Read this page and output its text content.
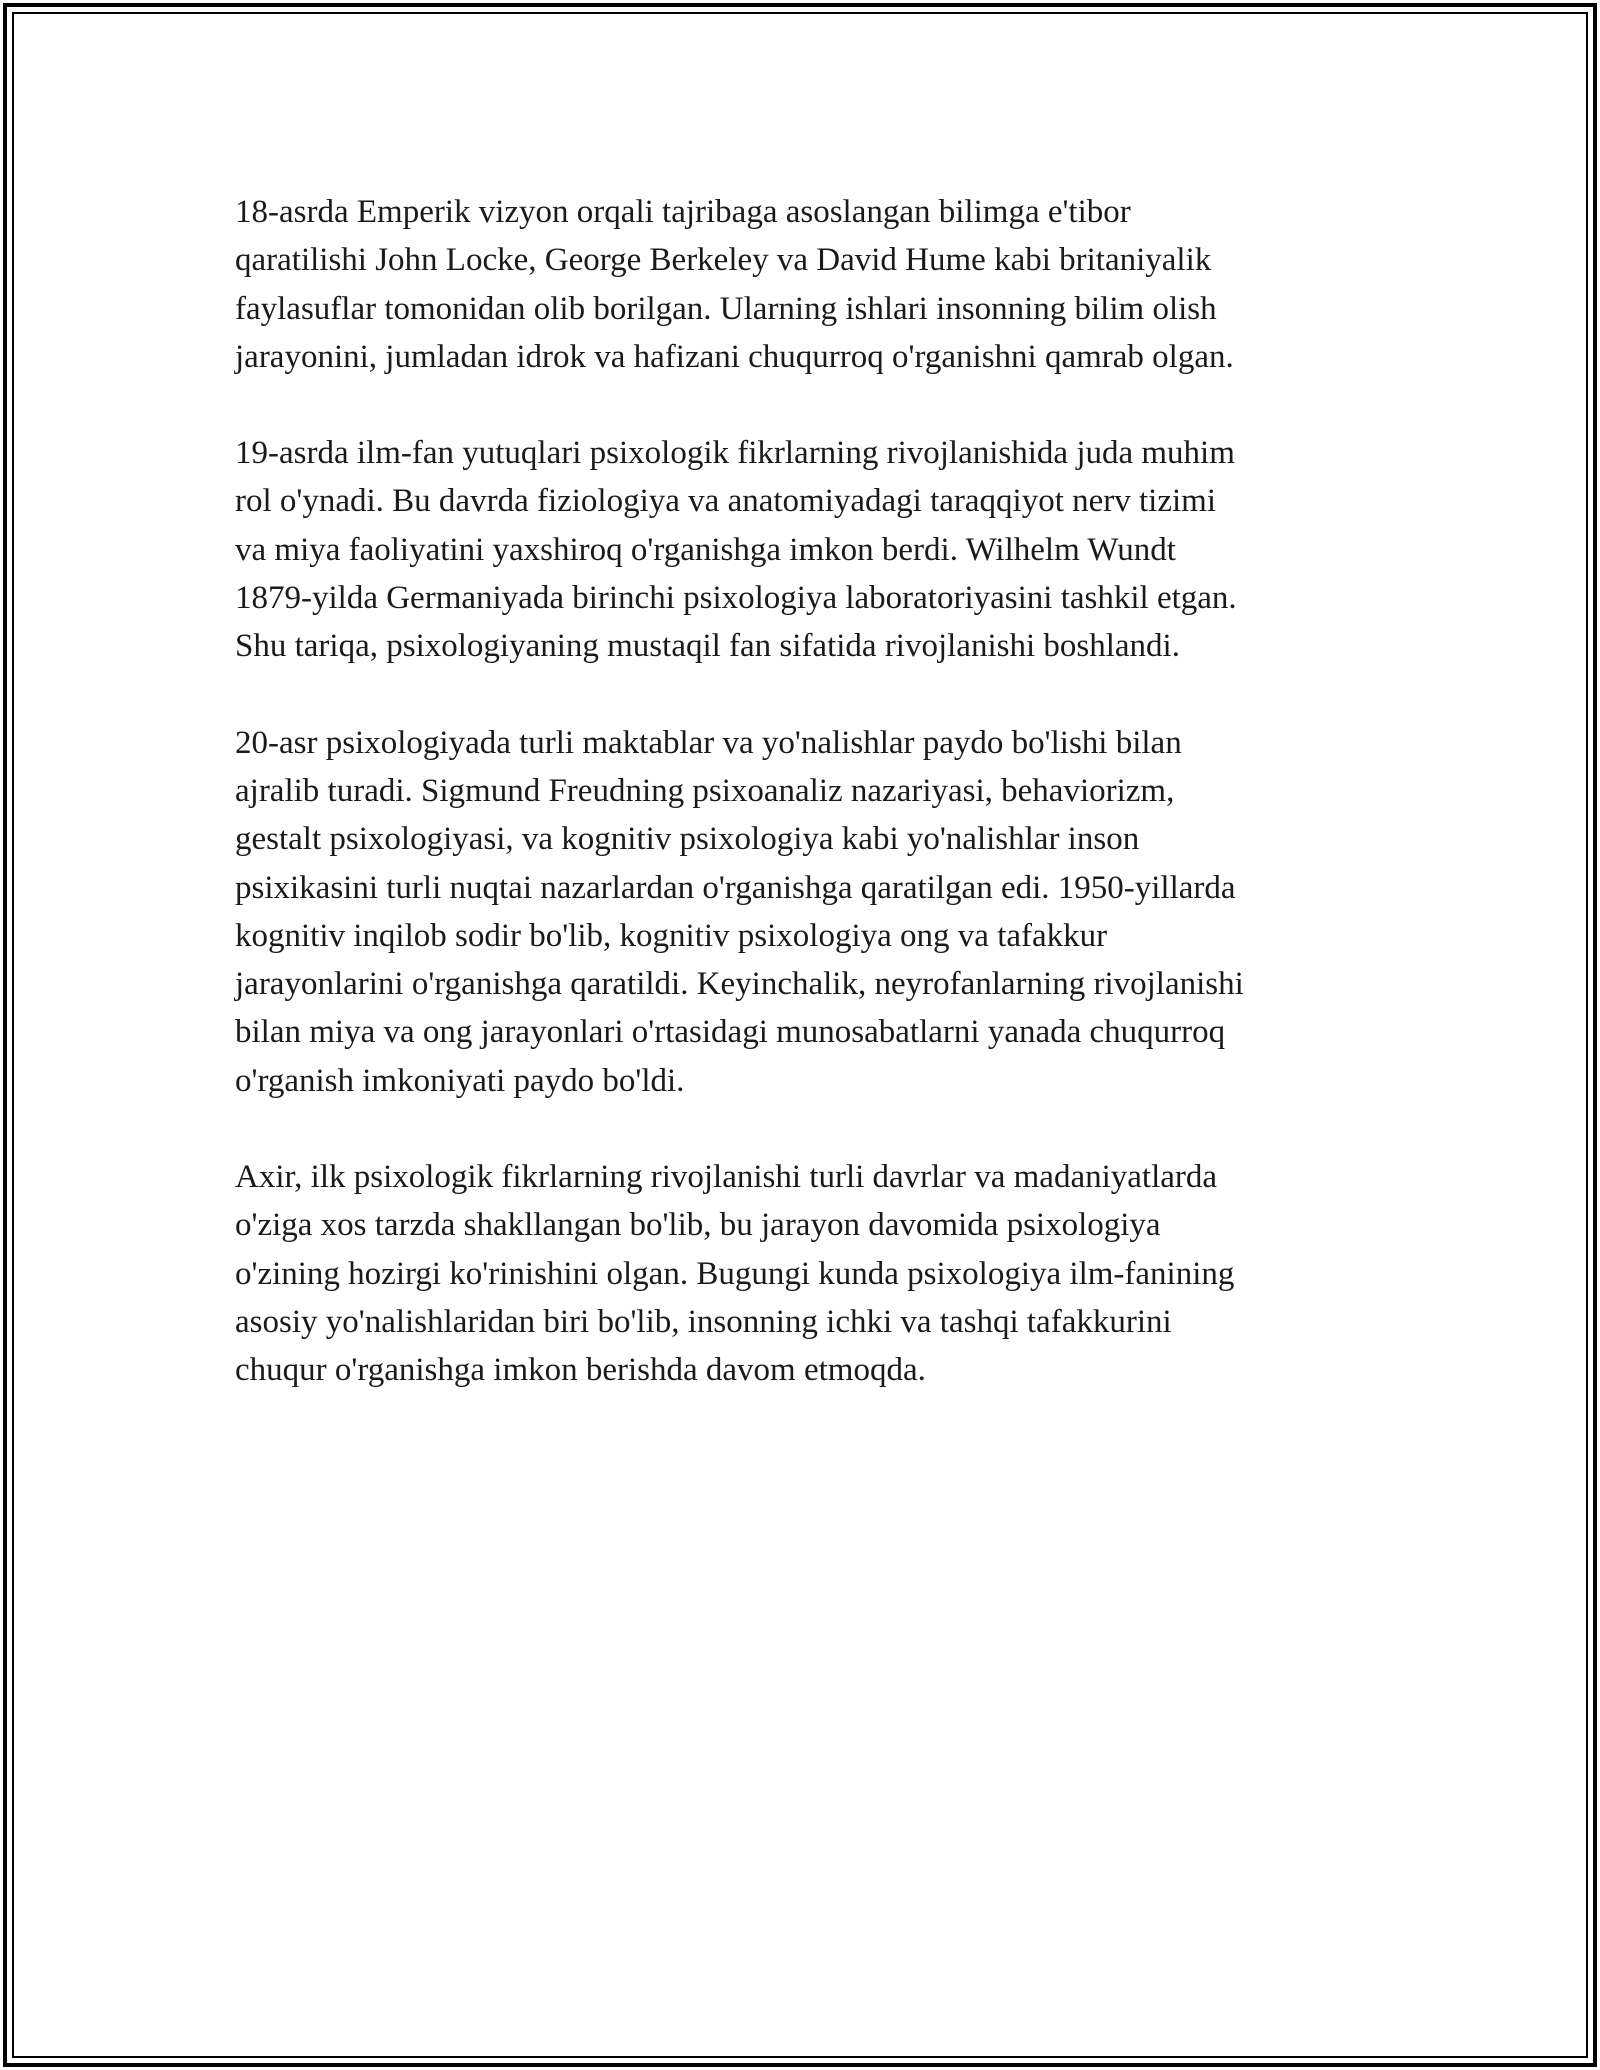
18-asrda Emperik vizyon orqali tajribaga asoslangan bilimga e'tibor
qaratilishi John Locke, George Berkeley va David Hume kabi britaniyalik
faylasuflar tomonidan olib borilgan. Ularning ishlari insonning bilim olish
jarayonini, jumladan idrok va hafizani chuqurroq o'rganishni qamrab olgan.

19-asrda ilm-fan yutuqlari psixologik fikrlarning rivojlanishida juda muhim
rol o'ynadi. Bu davrda fiziologiya va anatomiyadagi taraqqiyot nerv tizimi
va miya faoliyatini yaxshiroq o'rganishga imkon berdi. Wilhelm Wundt
1879-yilda Germaniyada birinchi psixologiya laboratoriyasini tashkil etgan.
Shu tariqa, psixologiyaning mustaqil fan sifatida rivojlanishi boshlandi.

20-asr psixologiyada turli maktablar va yo'nalishlar paydo bo'lishi bilan
ajralib turadi. Sigmund Freudning psixoanaliz nazariyasi, behaviorizm,
gestalt psixologiyasi, va kognitiv psixologiya kabi yo'nalishlar inson
psixikasini turli nuqtai nazarlardan o'rganishga qaratilgan edi. 1950-yillarda
kognitiv inqilob sodir bo'lib, kognitiv psixologiya ong va tafakkur
jarayonlarini o'rganishga qaratildi. Keyinchalik, neyrofanlarning rivojlanishi
bilan miya va ong jarayonlari o'rtasidagi munosabatlarni yanada chuqurroq
o'rganish imkoniyati paydo bo'ldi.

Axir, ilk psixologik fikrlarning rivojlanishi turli davrlar va madaniyatlarda
o'ziga xos tarzda shakllangan bo'lib, bu jarayon davomida psixologiya
o'zining hozirgi ko'rinishini olgan. Bugungi kunda psixologiya ilm-fanining
asosiy yo'nalishlaridan biri bo'lib, insonning ichki va tashqi tafakkurini
chuqur o'rganishga imkon berishda davom etmoqda.
